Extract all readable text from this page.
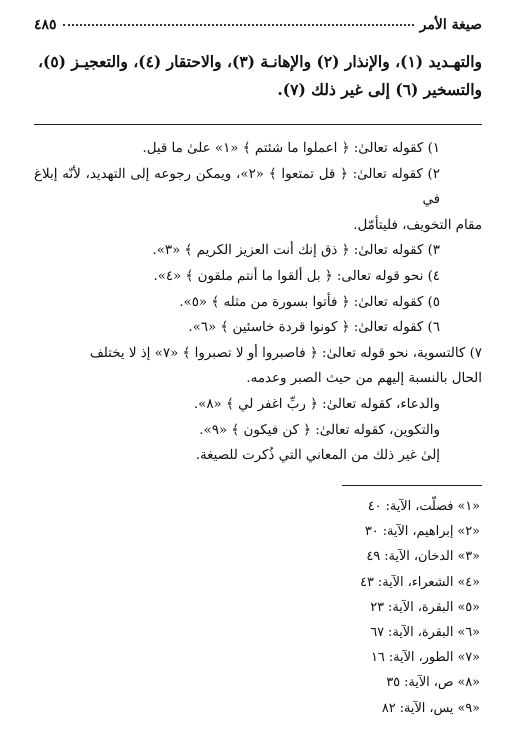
صيغة الأمر
٤٨٥
والتهـديد (١)، والإنذار (٢) والإهانـة (٣)، والاحتقار (٤)، والتعجيـز (٥)،
والتسخير (٦) إلى غير ذلك (٧).

١) كقوله تعالىٰ: ﴿ اعملوا ما شئتم ﴾ «١» علىٰ ما قيل.

٢) كقوله تعالىٰ: ﴿ قل تمتعوا ﴾ «٢»، ويمكن رجوعه إلى التهديد، لأنّه إبلاغ في

مقام التخويف، فليتأمّل.

٣) كقوله تعالىٰ: ﴿ ذق إنك أنت العزيز الكريم ﴾ «٣».

٤) نحو قوله تعالى: ﴿ بل ألقوا ما أنتم ملقون ﴾ «٤».

٥) كقوله تعالىٰ: ﴿ فأتوا بسورة من مثله ﴾ «٥».

٦) كقوله تعالىٰ: ﴿ كونوا قردة خاسئين ﴾ «٦».

٧) كالتسوية، نحو قوله تعالىٰ: ﴿ فاصبروا أو لا تصبروا ﴾ «٧» إذ لا يختلف

الحال بالنسبة إليهم من حيث الصبر وعدمه.

والدعاء، كقوله تعالىٰ: ﴿ ربِّ اغفر لي ﴾ «٨».

والتكوين، كقوله تعالىٰ: ﴿ كن فيكون ﴾ «٩».

إلىٰ غير ذلك من المعاني التي ذُكرت للصيغة.

«١» فصلّت، الآية: ٤٠

«٢» إبراهيم، الآية: ٣٠

«٣» الدخان، الآية: ٤٩

«٤» الشعراء، الآية: ٤٣

«٥» البقرة، الآية: ٢٣

«٦» البقرة، الآية: ٦٧

«٧» الطور، الآية: ١٦

«٨» ص، الآية: ٣٥

«٩» يس، الآية: ٨٢
